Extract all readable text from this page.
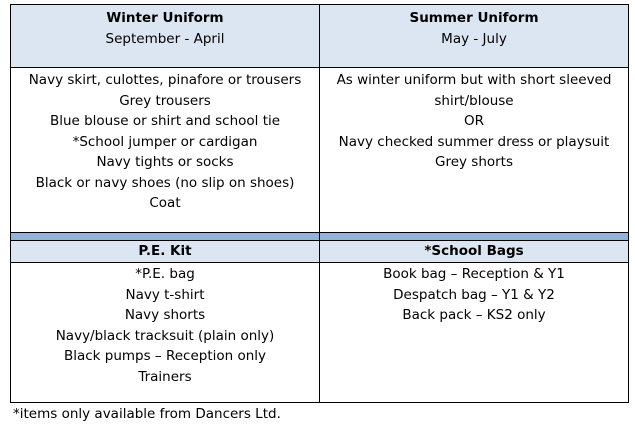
Winter Uniform
September - April
Summer Uniform
May - July
Navy skirt, culottes, pinafore or trousers
Grey trousers
Blue blouse or shirt and school tie
*School jumper or cardigan
Navy tights or socks
Black or navy shoes (no slip on shoes)
Coat
As winter uniform but with short sleeved
shirt/blouse
OR
Navy checked summer dress or playsuit
Grey shorts
P.E. Kit	*School Bags
*P.E. bag
Navy t-shirt
Navy shorts
Navy/black tracksuit (plain only)
Black pumps – Reception only
Trainers
Book bag – Reception & Y1
Despatch bag – Y1 & Y2
Back pack – KS2 only
*items only available from Dancers Ltd.
